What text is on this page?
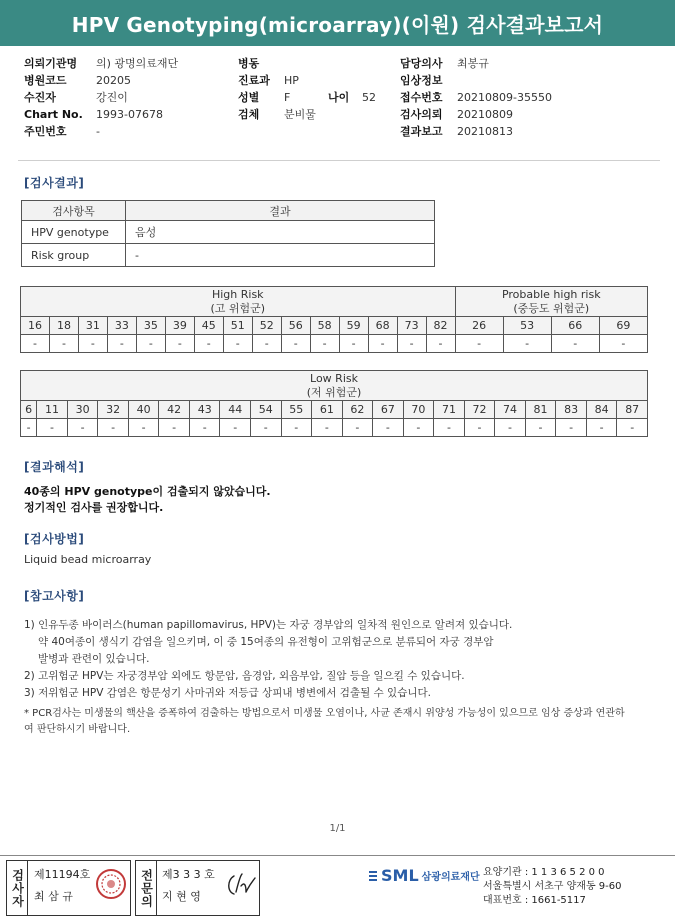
HPV Genotyping(microarray)(이원) 검사결과보고서
의뢰기관명	의) 광명의료재단
병원코드	20205
수진자	강진이
Chart No.	1993-07678
주민번호	-
병동
진료과	HP
성별	F	나이	52
검체	분비물
담당의사	최봉규
임상정보
접수번호	20210809-35550
검사의뢰	20210809
결과보고	20210813
[검사결과]
검사항목	결과
HPV genotype	음성
Risk group	-
High Risk
(고 위험군)															Probable high risk
(중등도 위험군)			
16	18	31	33	35	39	45	51	52	56	58	59	68	73	82	26	53	66	69
-	-	-	-	-	-	-	-	-	-	-	-	-	-	-	-	-	-	-
Low Risk
(저 위험군)																				
6	11	30	32	40	42	43	44	54	55	61	62	67	70	71	72	74	81	83	84	87
-	-	-	-	-	-	-	-	-	-	-	-	-	-	-	-	-	-	-	-	-
[결과해석]
40종의 HPV genotype이 검출되지 않았습니다.
정기적인 검사를 권장합니다.
[검사방법]
Liquid bead microarray
[참고사항]
1) 인유두종 바이러스(human papillomavirus, HPV)는 자궁 경부암의 일차적 원인으로 알려져 있습니다.
약 40여종이 생식기 감염을 일으키며, 이 중 15여종의 유전형이 고위험군으로 분류되어 자궁 경부암
발병과 관련이 있습니다.
2) 고위험군 HPV는 자궁경부암 외에도 항문암, 음경암, 외음부암, 질암 등을 일으킬 수 있습니다.
3) 저위험군 HPV 감염은 항문성기 사마귀와 저등급 상피내 병변에서 검출될 수 있습니다.
* PCR검사는 미생물의 핵산을 증폭하여 검출하는 방법으로서 미생물 오염이나, 사균 존재시 위양성 가능성이 있으므로 임상 증상과 연관하여 판단하시기 바랍니다.
1/1
검사자 제11194호
최 삼 규	전문의 제3 3 3 호
지 현 영
SML 삼광의료재단 요양기관 : 1 1 3 6 5 2 0 0
서울특별시 서초구 양재동 9-60
대표번호 : 1661-5117
